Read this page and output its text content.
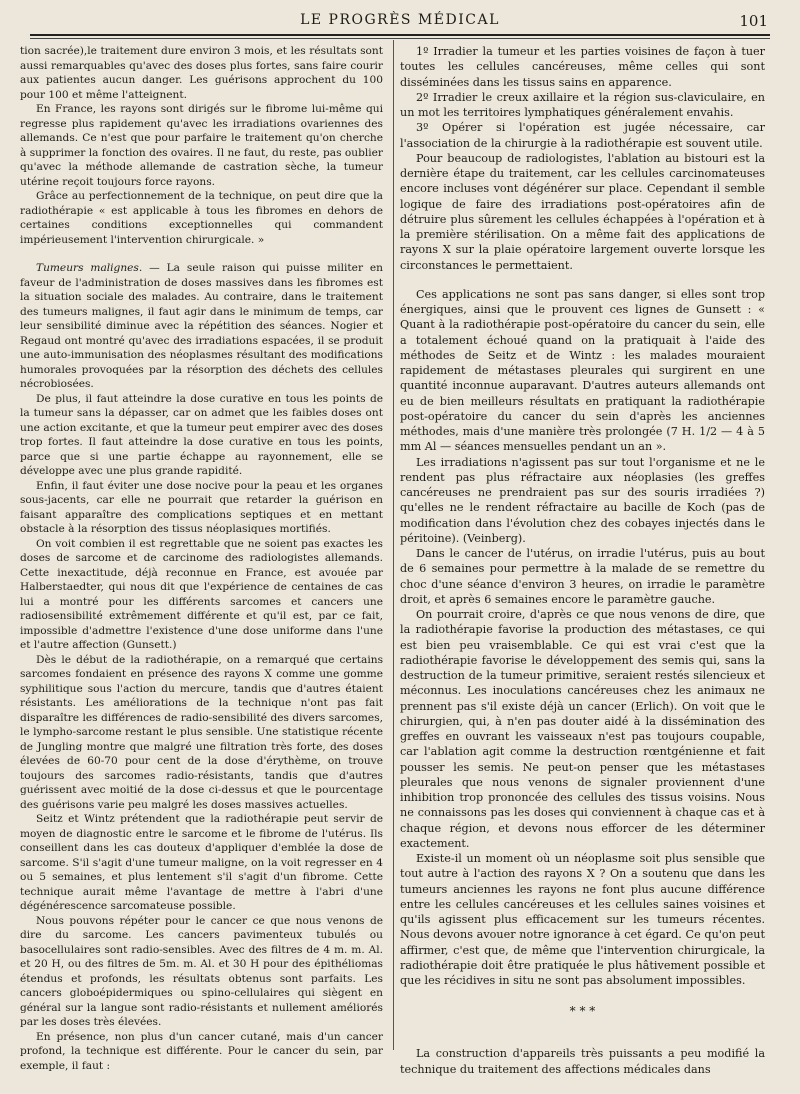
LE PROGRÈS MÉDICAL	101

tion sacrée),le traitement dure environ 3 mois, et les résultats sont aussi remarquables qu'avec des doses plus fortes, sans faire courir aux patientes aucun danger. Les guérisons approchent du 100 pour 100 et même l'atteignent.

En France, les rayons sont dirigés sur le fibrome lui-même qui regresse plus rapidement qu'avec les irradiations ovariennes des allemands. Ce n'est que pour parfaire le traitement qu'on cherche à supprimer la fonction des ovaires. Il ne faut, du reste, pas oublier qu'avec la méthode allemande de castration sèche, la tumeur utérine reçoit toujours force rayons.

Grâce au perfectionnement de la technique, on peut dire que la radiothérapie « est applicable à tous les fibromes en dehors de certaines conditions exceptionnelles qui commandent impérieusement l'intervention chirurgicale. »

Tumeurs malignes. — La seule raison qui puisse militer en faveur de l'administration de doses massives dans les fibromes est la situation sociale des malades. Au contraire, dans le traitement des tumeurs malignes, il faut agir dans le minimum de temps, car leur sensibilité diminue avec la répétition des séances. Nogier et Regaud ont montré qu'avec des irradiations espacées, il se produit une auto-immunisation des néoplasmes résultant des modifications humorales provoquées par la résorption des déchets des cellules nécrobiosées.

De plus, il faut atteindre la dose curative en tous les points de la tumeur sans la dépasser, car on admet que les faibles doses ont une action excitante, et que la tumeur peut empirer avec des doses trop fortes. Il faut atteindre la dose curative en tous les points, parce que si une partie échappe au rayonnement, elle se développe avec une plus grande rapidité.

Enfin, il faut éviter une dose nocive pour la peau et les organes sous-jacents, car elle ne pourrait que retarder la guérison en faisant apparaître des complications septiques et en mettant obstacle à la résorption des tissus néoplasiques mortifiés.

On voit combien il est regrettable que ne soient pas exactes les doses de sarcome et de carcinome des radiologistes allemands. Cette inexactitude, déjà reconnue en France, est avouée par Halberstaedter, qui nous dit que l'expérience de centaines de cas lui a montré pour les différents sarcomes et cancers une radiosensibilité extrêmement différente et qu'il est, par ce fait, impossible d'admettre l'existence d'une dose uniforme dans l'une et l'autre affection (Gunsett.)

Dès le début de la radiothérapie, on a remarqué que certains sarcomes fondaient en présence des rayons X comme une gomme syphilitique sous l'action du mercure, tandis que d'autres étaient résistants. Les améliorations de la technique n'ont pas fait disparaître les différences de radio-sensibilité des divers sarcomes, le lympho-sarcome restant le plus sensible. Une statistique récente de Jungling montre que malgré une filtration très forte, des doses élevées de 60-70 pour cent de la dose d'érythème, on trouve toujours des sarcomes radio-résistants, tandis que d'autres guérissent avec moitié de la dose ci-dessus et que le pourcentage des guérisons varie peu malgré les doses massives actuelles.

Seitz et Wintz prétendent que la radiothérapie peut servir de moyen de diagnostic entre le sarcome et le fibrome de l'utérus. Ils conseillent dans les cas douteux d'appliquer d'emblée la dose de sarcome. S'il s'agit d'une tumeur maligne, on la voit regresser en 4 ou 5 semaines, et plus lentement s'il s'agit d'un fibrome. Cette technique aurait même l'avantage de mettre à l'abri d'une dégénérescence sarcomateuse possible.

Nous pouvons répéter pour le cancer ce que nous venons de dire du sarcome. Les cancers pavimenteux tubulés ou basocellulaires sont radio-sensibles. Avec des filtres de 4 m. m. Al. et 20 H, ou des filtres de 5m. m. Al. et 30 H pour des épithéliomas étendus et profonds, les résultats obtenus sont parfaits. Les cancers globoépidermiques ou spino-cellulaires qui siègent en général sur la langue sont radio-résistants et nullement améliorés par les doses très élevées.

En présence, non plus d'un cancer cutané, mais d'un cancer profond, la technique est différente. Pour le cancer du sein, par exemple, il faut :

1º Irradier la tumeur et les parties voisines de façon à tuer toutes les cellules cancéreuses, même celles qui sont disséminées dans les tissus sains en apparence.

2º Irradier le creux axillaire et la région sus-claviculaire, en un mot les territoires lymphatiques généralement envahis.

3º Opérer si l'opération est jugée nécessaire, car l'association de la chirurgie à la radiothérapie est souvent utile.

Pour beaucoup de radiologistes, l'ablation au bistouri est la dernière étape du traitement, car les cellules carcinomateuses encore incluses vont dégénérer sur place. Cependant il semble logique de faire des irradiations post-opératoires afin de détruire plus sûrement les cellules échappées à l'opération et à la première stérilisation. On a même fait des applications de rayons X sur la plaie opératoire largement ouverte lorsque les circonstances le permettaient.

Ces applications ne sont pas sans danger, si elles sont trop énergiques, ainsi que le prouvent ces lignes de Gunsett : « Quant à la radiothérapie post-opératoire du cancer du sein, elle a totalement échoué quand on la pratiquait à l'aide des méthodes de Seitz et de Wintz : les malades mouraient rapidement de métastases pleurales qui surgirent en une quantité inconnue auparavant. D'autres auteurs allemands ont eu de bien meilleurs résultats en pratiquant la radiothérapie post-opératoire du cancer du sein d'après les anciennes méthodes, mais d'une manière très prolongée (7 H. 1/2 — 4 à 5 mm Al — séances mensuelles pendant un an ».

Les irradiations n'agissent pas sur tout l'organisme et ne le rendent pas plus réfractaire aux néoplasies (les greffes cancéreuses ne prendraient pas sur des souris irradiées ?) qu'elles ne le rendent réfractaire au bacille de Koch (pas de modification dans l'évolution chez des cobayes injectés dans le péritoine). (Veinberg).

Dans le cancer de l'utérus, on irradie l'utérus, puis au bout de 6 semaines pour permettre à la malade de se remettre du choc d'une séance d'environ 3 heures, on irradie le paramètre droit, et après 6 semaines encore le paramètre gauche.

On pourrait croire, d'après ce que nous venons de dire, que la radiothérapie favorise la production des métastases, ce qui est bien peu vraisemblable. Ce qui est vrai c'est que la radiothérapie favorise le développement des semis qui, sans la destruction de la tumeur primitive, seraient restés silencieux et méconnus. Les inoculations cancéreuses chez les animaux ne prennent pas s'il existe déjà un cancer (Erlich). On voit que le chirurgien, qui, à n'en pas douter aidé à la dissémination des greffes en ouvrant les vaisseaux n'est pas toujours coupable, car l'ablation agit comme la destruction rœntgénienne et fait pousser les semis. Ne peut-on penser que les métastases pleurales que nous venons de signaler proviennent d'une inhibition trop prononcée des cellules des tissus voisins. Nous ne connaissons pas les doses qui conviennent à chaque cas et à chaque région, et devons nous efforcer de les déterminer exactement.

Existe-il un moment où un néoplasme soit plus sensible que tout autre à l'action des rayons X ? On a soutenu que dans les tumeurs anciennes les rayons ne font plus aucune différence entre les cellules cancéreuses et les cellules saines voisines et qu'ils agissent plus efficacement sur les tumeurs récentes. Nous devons avouer notre ignorance à cet égard. Ce qu'on peut affirmer, c'est que, de même que l'intervention chirurgicale, la radiothérapie doit être pratiquée le plus hâtivement possible et que les récidives in situ ne sont pas absolument impossibles.

* * *

La construction d'appareils très puissants a peu modifié la technique du traitement des affections médicales dans
